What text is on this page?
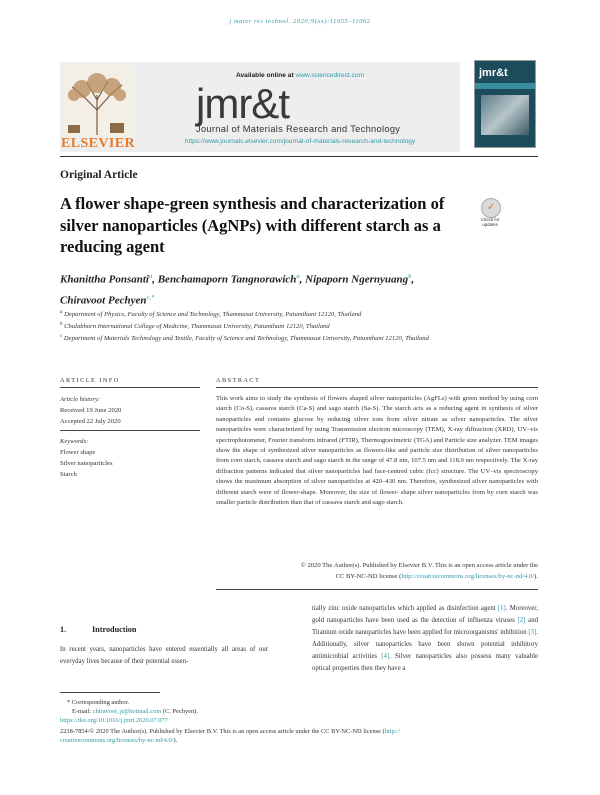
j mater res technol. 2020;9(xx):11055–11062
ELSEVIER
Available online at www.sciencedirect.com
jmr&t
Journal of Materials Research and Technology
https://www.journals.elsevier.com/journal-of-materials-research-and-technology
jmr&t
Original Article
A flower shape-green synthesis and characterization of silver nanoparticles (AgNPs) with different starch as a reducing agent
✓
Check for updates
Khanittha Ponsanti$^a$, Benchamaporn Tangnorawich$^a$, Nipaporn Ngernyuang$^b$,
Chiravoot Pechyen$^{c,*}$
$^a$ Department of Physics, Faculty of Science and Technology, Thammasat University, Patumthani 12120, Thailand
$^b$ Chulabhorn International College of Medicine, Thammasat University, Patumthani 12120, Thailand
$^c$ Department of Materials Technology and Textile, Faculty of Science and Technology, Thammasat University, Patumthani 12120, Thailand
ARTICLE INFO
Article history:
Received 19 June 2020
Accepted 22 July 2020
Keywords:
Flower shape
Silver nanoparticles
Starch
ABSTRACT
This work aims to study the synthesis of flowers shaped silver nanoparticles (AgFLs) with green method by using corn starch (Co-S), cassava starch (Ca-S) and sago starch (Sa-S). The starch acts as a reducing agent in synthesis of silver nanoparticles and contains glucose by reducing silver ions from silver nitrate as silver nanoparticles. The silver nanoparticles were characterized by using Transmission electron microscopy (TEM), X-ray diffraction (XRD), UV–vis spectrophotometer, Fourier transform infrared (FTIR), Thermogravimetric (TGA) and Particle size analyzer. TEM images show the shape of synthesized silver nanoparticles as flowers-like and particle size distribution of silver nanoparticles from corn starch, cassava starch and sago starch in the range of 47.8 nm, 107.5 nm and 118.9 nm respectively. The X-ray diffraction patterns indicated that silver nanoparticles had face-centred cubic (fcc) structure. The UV–vis spectroscopy shows the maximum absorption of silver nanoparticles at 420–430 nm. Therefore, synthesized silver nanoparticles with different starch were of flower-shape. Moreover, the size of flower- shape silver nanoparticles from by corn starch was smaller particle distribution than that of cassava starch and sago starch.
© 2020 The Author(s). Published by Elsevier B.V. This is an open access article under the
CC BY-NC-ND license (http://creativecommons.org/licenses/by-nc-nd/4.0/).
1.	Introduction
In recent years, nanoparticles have entered essentially all areas of our everyday lives because of their potential essen-
tially zinc oxide nanoparticles which applied as disinfection agent [1]. Moreover, gold nanoparticles have been used as the detection of influenza viruses [2] and Titanium oxide nanoparticles have been applied for microorganisms' inhibition [3]. Additionally, silver nanoparticles have been shown potential inhibitory antimicrobial activities [4]. Silver nanoparticles also possess many valuable optical properties then they have a
* Corresponding author.
E-mail: chiravoot_p@hotmail.com (C. Pechyen).
https://doi.org/10.1016/j.jmrt.2020.07.077
2238-7854/© 2020 The Author(s). Published by Elsevier B.V. This is an open access article under the CC BY-NC-ND license (http://
creativecommons.org/licenses/by-nc-nd/4.0/).
